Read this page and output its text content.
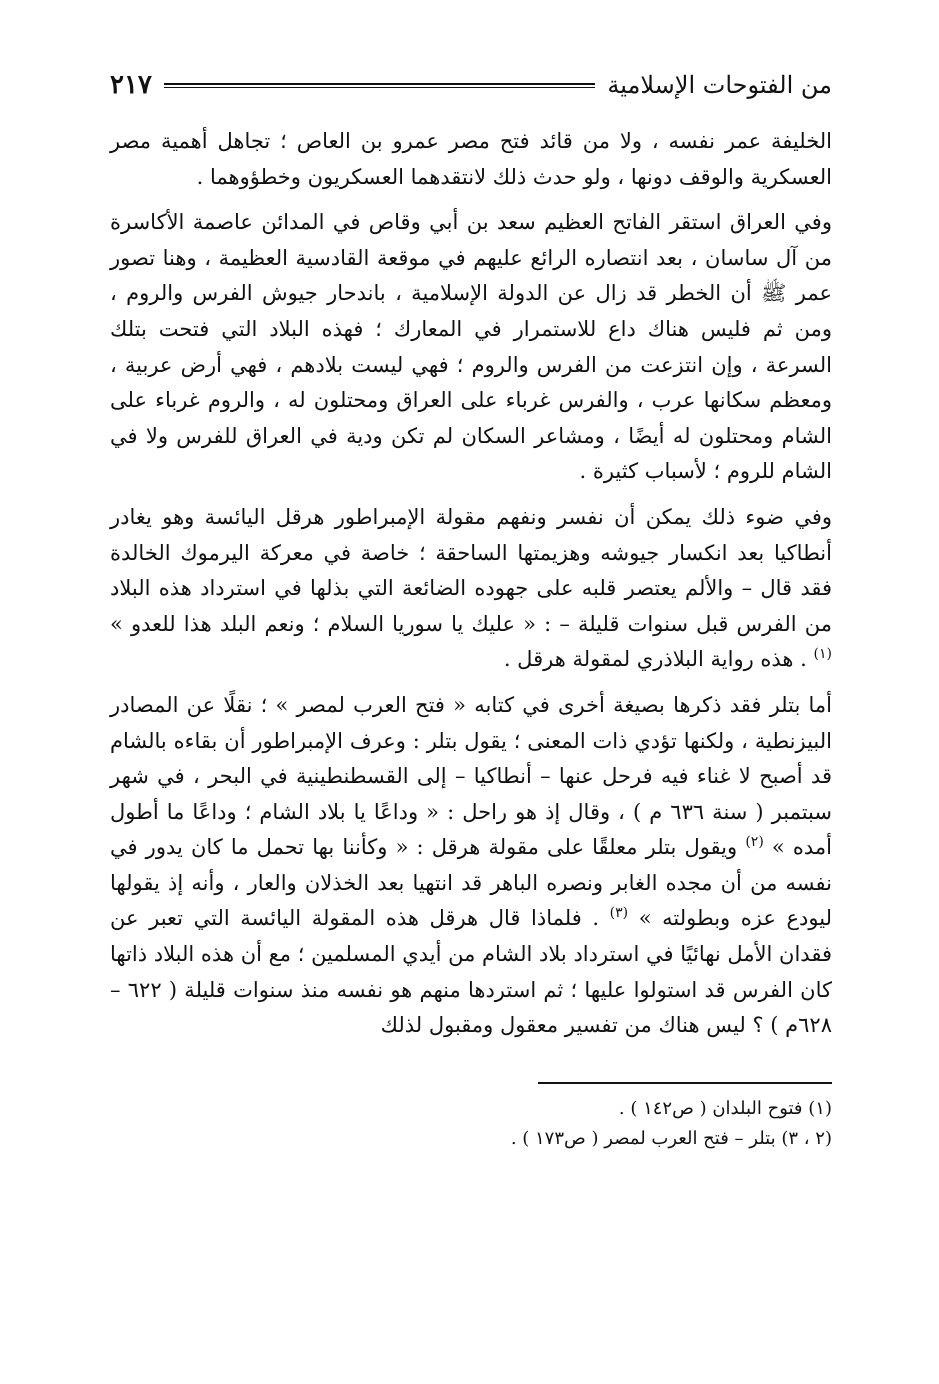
من الفتوحات الإسلامية
٢١٧

الخليفة عمر نفسه ، ولا من قائد فتح مصر عمرو بن العاص ؛ تجاهل أهمية مصر العسكرية والوقف دونها ، ولو حدث ذلك لانتقدهما العسكريون وخطؤوهما .

وفي العراق استقر الفاتح العظيم سعد بن أبي وقاص في المدائن عاصمة الأكاسرة من آل ساسان ، بعد انتصاره الرائع عليهم في موقعة القادسية العظيمة ، وهنا تصور عمر ﷺ أن الخطر قد زال عن الدولة الإسلامية ، باندحار جيوش الفرس والروم ، ومن ثم فليس هناك داع للاستمرار في المعارك ؛ فهذه البلاد التي فتحت بتلك السرعة ، وإن انتزعت من الفرس والروم ؛ فهي ليست بلادهم ، فهي أرض عربية ، ومعظم سكانها عرب ، والفرس غرباء على العراق ومحتلون له ، والروم غرباء على الشام ومحتلون له أيضًا ، ومشاعر السكان لم تكن ودية في العراق للفرس ولا في الشام للروم ؛ لأسباب كثيرة .

وفي ضوء ذلك يمكن أن نفسر ونفهم مقولة الإمبراطور هرقل اليائسة وهو يغادر أنطاكيا بعد انكسار جيوشه وهزيمتها الساحقة ؛ خاصة في معركة اليرموك الخالدة فقد قال – والألم يعتصر قلبه على جهوده الضائعة التي بذلها في استرداد هذه البلاد من الفرس قبل سنوات قليلة – : « عليك يا سوريا السلام ؛ ونعم البلد هذا للعدو » $^{(١)}$ . هذه رواية البلاذري لمقولة هرقل .

أما بتلر فقد ذكرها بصيغة أخرى في كتابه « فتح العرب لمصر » ؛ نقلًا عن المصادر البيزنطية ، ولكنها تؤدي ذات المعنى ؛ يقول بتلر : وعرف الإمبراطور أن بقاءه بالشام قد أصبح لا غناء فيه فرحل عنها – أنطاكيا – إلى القسطنطينية في البحر ، في شهر سبتمبر ( سنة ٦٣٦ م ) ، وقال إذ هو راحل : « وداعًا يا بلاد الشام ؛ وداعًا ما أطول أمده » $^{(٢)}$ ويقول بتلر معلقًا على مقولة هرقل : « وكأننا بها تحمل ما كان يدور في نفسه من أن مجده الغابر ونصره الباهر قد انتهيا بعد الخذلان والعار ، وأنه إذ يقولها ليودع عزه وبطولته » $^{(٣)}$ . فلماذا قال هرقل هذه المقولة اليائسة التي تعبر عن فقدان الأمل نهائيًا في استرداد بلاد الشام من أيدي المسلمين ؛ مع أن هذه البلاد ذاتها كان الفرس قد استولوا عليها ؛ ثم استردها منهم هو نفسه منذ سنوات قليلة ( ٦٢٢ – ٦٢٨م ) ؟ ليس هناك من تفسير معقول ومقبول لذلك

(١) فتوح البلدان ( ص١٤٢ ) .
(٢ ، ٣) بتلر – فتح العرب لمصر ( ص١٧٣ ) .
